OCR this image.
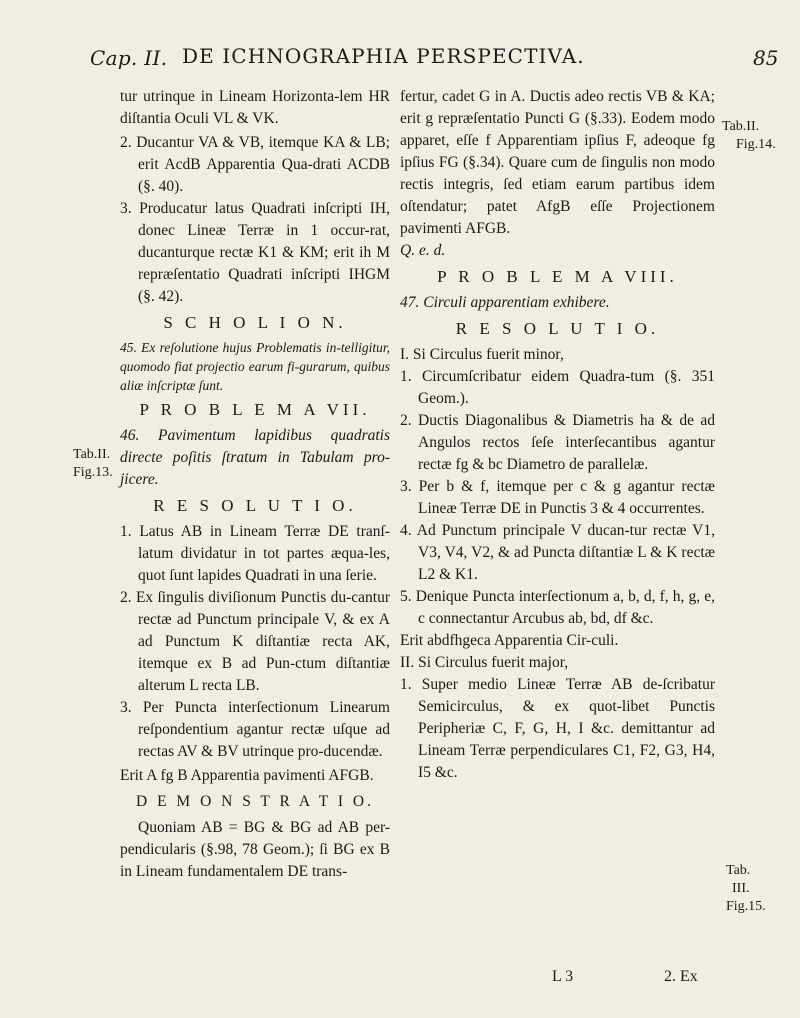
Cap. II. DE ICHNOGRAPHIA PERSPECTIVA.	85
Tab.II.
Fig.13.
Tab.II.
Fig.14.
Tab.
III.
Fig.15.
tur utrinque in Lineam Horizonta-lem HR diſtantia Oculi VL & VK.
2. Ducantur VA & VB, itemque KA & LB; erit AcdB Apparentia Qua-drati ACDB (§. 40).
3. Producatur latus Quadrati inſcripti IH, donec Lineæ Terræ in 1 occur-rat, ducanturque rectæ K1 & KM; erit ih M repræſentatio Quadrati inſcripti IHGM (§. 42).
S C H O L I O N.
45. Ex reſolutione hujus Problematis in-telligitur, quomodo fiat projectio earum fi-gurarum, quibus aliæ inſcriptæ ſunt.
P R O B L E M A VII.
46. Pavimentum lapidibus quadratis directe poſitis ſtratum in Tabulam pro-jicere.
R E S O L U T I O.
1. Latus AB in Lineam Terræ DE tranſ-latum dividatur in tot partes æqua-les, quot ſunt lapides Quadrati in una ſerie.
2. Ex ſingulis diviſionum Punctis du-cantur rectæ ad Punctum principale V, & ex A ad Punctum K diſtantiæ recta AK, itemque ex B ad Pun-ctum diſtantiæ alterum L recta LB.
3. Per Puncta interſectionum Linearum reſpondentium agantur rectæ uſque ad rectas AV & BV utrinque pro-ducendæ.
Erit A fg B Apparentia pavimenti AFGB.
D E M O N S T R A T I O.
Quoniam AB = BG & BG ad AB per-pendicularis (§.98, 78 Geom.); ſi BG ex B in Lineam fundamentalem DE trans-
fertur, cadet G in A. Ductis adeo rectis VB & KA; erit g repræſentatio Puncti G (§.33). Eodem modo apparet, eſſe f Apparentiam ipſius F, adeoque fg ipſius FG (§.34). Quare cum de ſingulis non modo rectis integris, ſed etiam earum partibus idem oſtendatur; patet AfgB eſſe Projectionem pavimenti AFGB.
Q. e. d.
P R O B L E M A VIII.
47. Circuli apparentiam exhibere.
R E S O L U T I O.
I. Si Circulus fuerit minor,
1. Circumſcribatur eidem Quadra-tum (§. 351 Geom.).
2. Ductis Diagonalibus & Diametris ha & de ad Angulos rectos ſeſe interſecantibus agantur rectæ fg & bc Diametro de parallelæ.
3. Per b & f, itemque per c & g agantur rectæ Lineæ Terræ DE in Punctis 3 & 4 occurrentes.
4. Ad Punctum principale V ducan-tur rectæ V1, V3, V4, V2, & ad Puncta diſtantiæ L & K rectæ L2 & K1.
5. Denique Puncta interſectionum a, b, d, f, h, g, e, c connectantur Arcubus ab, bd, df &c.
Erit abdfhgeca Apparentia Cir-culi.
II. Si Circulus fuerit major,
1. Super medio Lineæ Terræ AB de-ſcribatur Semicirculus, & ex quot-libet Punctis Peripheriæ C, F, G, H, I &c. demittantur ad Lineam Terræ perpendiculares C1, F2, G3, H4, I5 &c.
L 3	2. Ex
